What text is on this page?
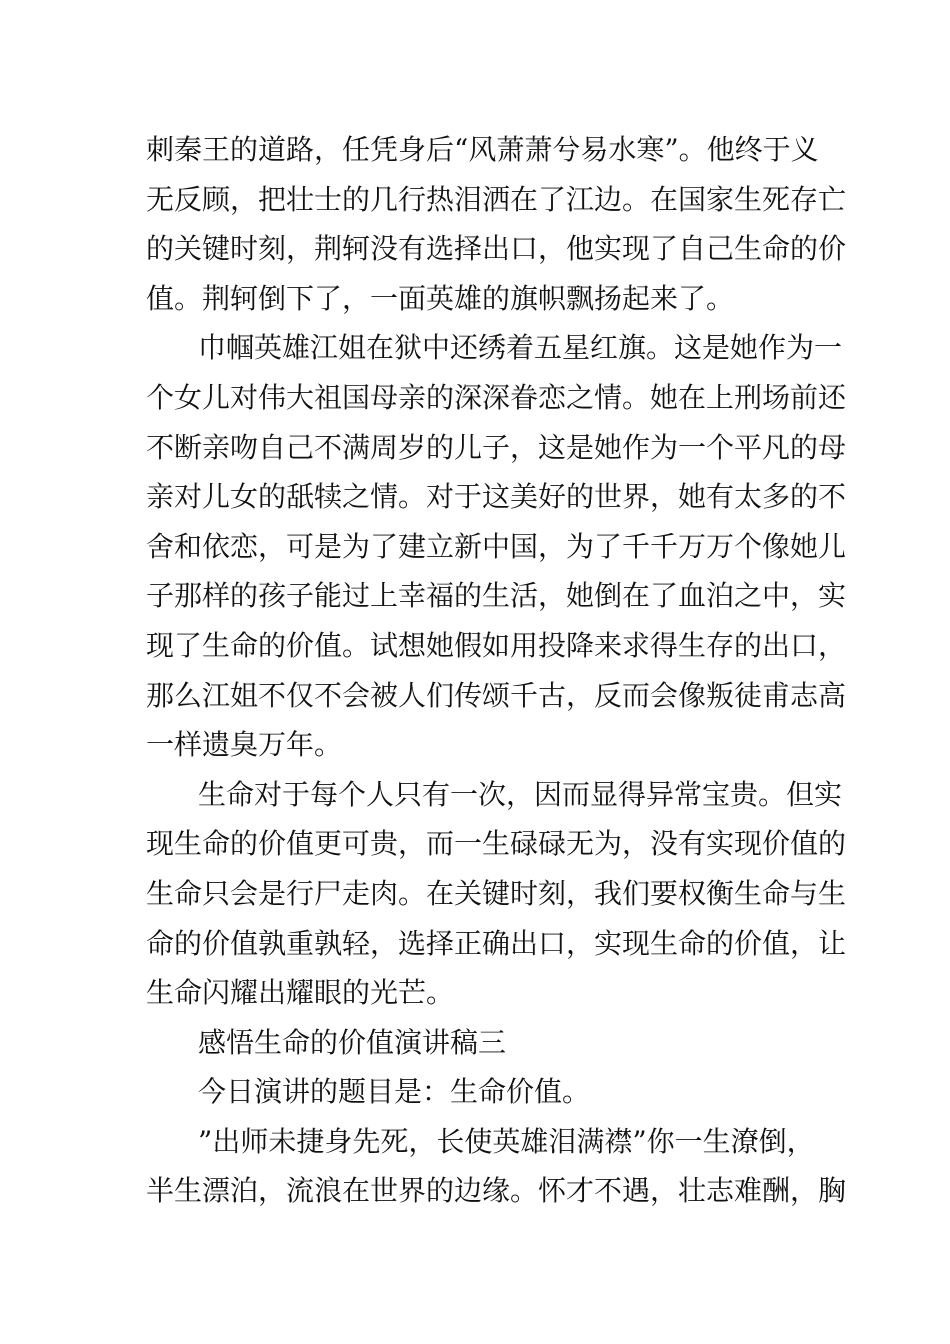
刺秦王的道路，任凭身后“风萧萧兮易水寒”。他终于义
无反顾，把壮士的几行热泪洒在了江边。在国家生死存亡
的关键时刻，荆轲没有选择出口，他实现了自己生命的价
值。荆轲倒下了，一面英雄的旗帜飘扬起来了。
巾帼英雄江姐在狱中还绣着五星红旗。这是她作为一
个女儿对伟大祖国母亲的深深眷恋之情。她在上刑场前还
不断亲吻自己不满周岁的儿子，这是她作为一个平凡的母
亲对儿女的舐犊之情。对于这美好的世界，她有太多的不
舍和依恋，可是为了建立新中国，为了千千万万个像她儿
子那样的孩子能过上幸福的生活，她倒在了血泊之中，实
现了生命的价值。试想她假如用投降来求得生存的出口，
那么江姐不仅不会被人们传颂千古，反而会像叛徒甫志高
一样遗臭万年。
生命对于每个人只有一次，因而显得异常宝贵。但实
现生命的价值更可贵，而一生碌碌无为，没有实现价值的
生命只会是行尸走肉。在关键时刻，我们要权衡生命与生
命的价值孰重孰轻，选择正确出口，实现生命的价值，让
生命闪耀出耀眼的光芒。
感悟生命的价值演讲稿三
今日演讲的题目是：生命价值。
”出师未捷身先死，长使英雄泪满襟”你一生潦倒，
半生漂泊，流浪在世界的边缘。怀才不遇，壮志难酬，胸
